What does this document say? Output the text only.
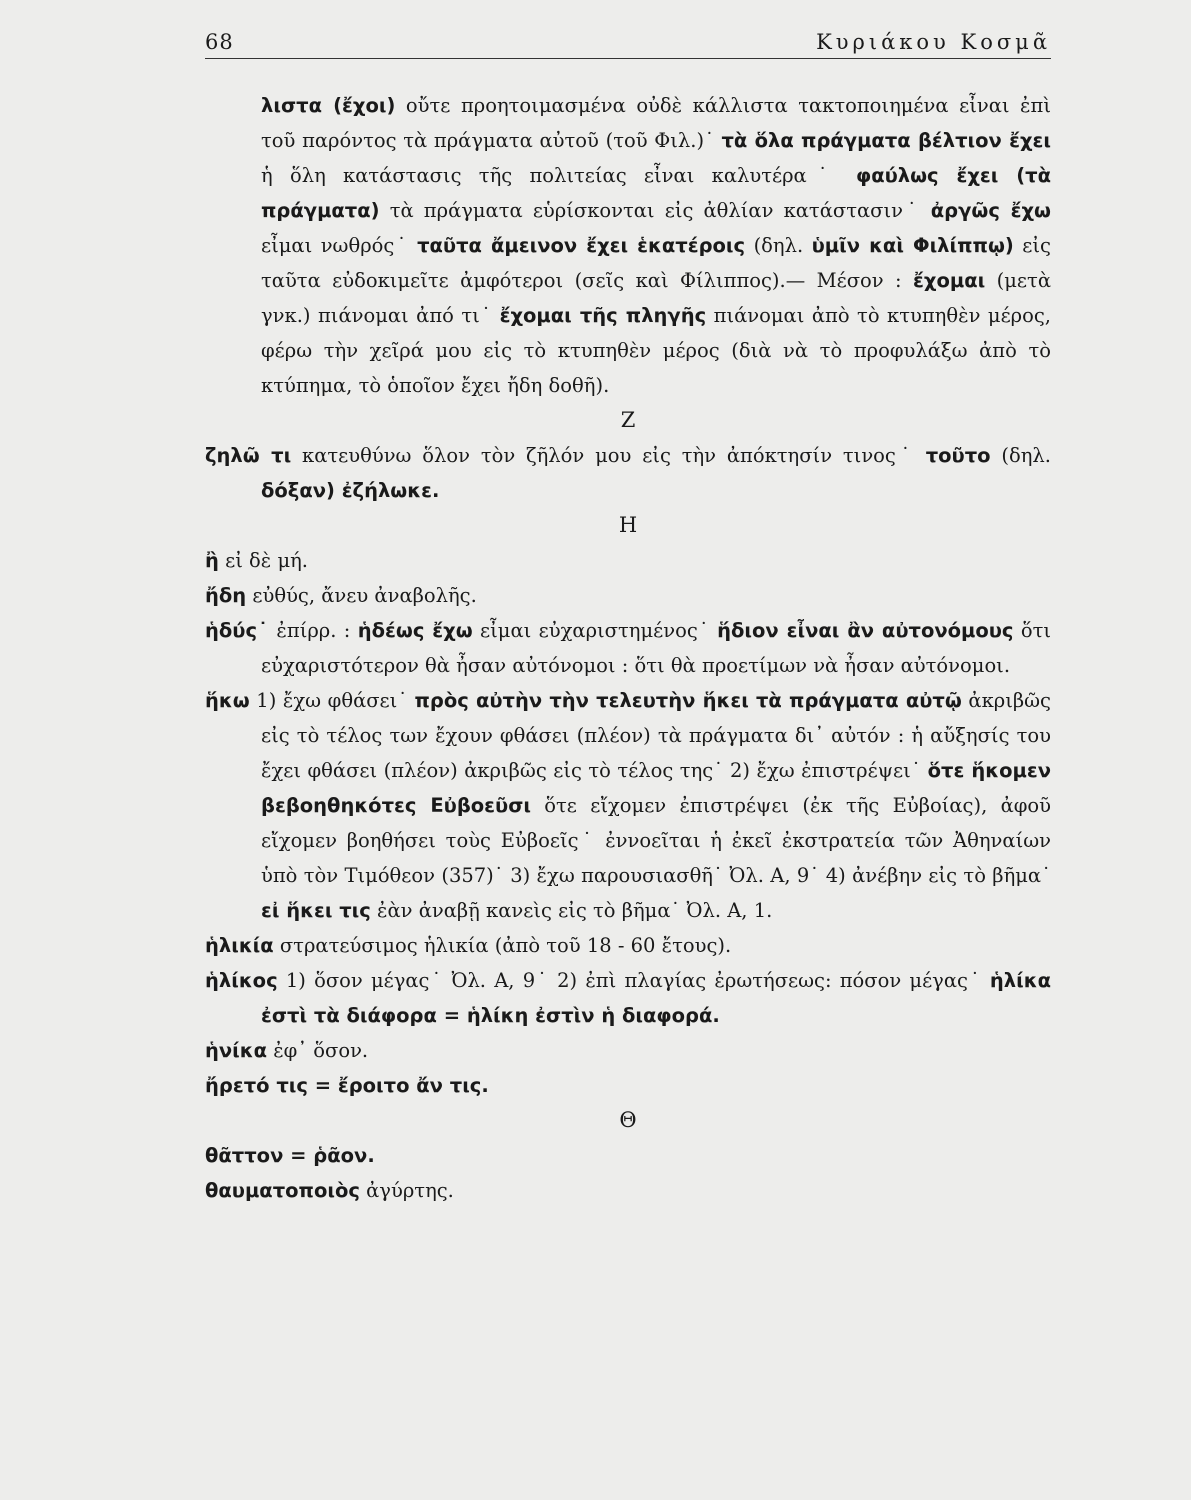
68	Κυριάκου Κοσμᾶ

λιστα (ἔχοι) οὔτε προητοιμασμένα οὐδὲ κάλλιστα τακτοποιημένα εἶναι ἐπὶ τοῦ παρόντος τὰ πράγματα αὐτοῦ (τοῦ Φιλ.)˙ τὰ ὅλα πράγματα βέλτιον ἔχει ἡ ὅλη κατάστασις τῆς πολιτείας εἶναι καλυτέρα˙ φαύλως ἔχει (τὰ πράγματα) τὰ πράγματα εὑρίσκονται εἰς ἀθλίαν κατάστασιν˙ ἀργῶς ἔχω εἶμαι νωθρός˙ ταῦτα ἄμεινον ἔχει ἑκατέροις (δηλ. ὑμῖν καὶ Φιλίππῳ) εἰς ταῦτα εὐδοκιμεῖτε ἀμφότεροι (σεῖς καὶ Φίλιππος).— Μέσον : ἔχομαι (μετὰ γνκ.) πιάνομαι ἀπό τι˙ ἔχομαι τῆς πληγῆς πιάνομαι ἀπὸ τὸ κτυπηθὲν μέρος, φέρω τὴν χεῖρά μου εἰς τὸ κτυπηθὲν μέρος (διὰ νὰ τὸ προφυλάξω ἀπὸ τὸ κτύπημα, τὸ ὁποῖον ἔχει ἤδη δοθῆ).

Ζ

ζηλῶ τι κατευθύνω ὅλον τὸν ζῆλόν μου εἰς τὴν ἀπόκτησίν τινος˙ τοῦτο (δηλ. δόξαν) ἐζήλωκε.

Η

ἢ εἰ δὲ μή.

ἤδη εὐθύς, ἄνευ ἀναβολῆς.

ἡδύς˙ ἐπίρρ. : ἡδέως ἔχω εἶμαι εὐχαριστημένος˙ ἥδιον εἶναι ἂν αὐτονόμους ὅτι εὐχαριστότερον θὰ ἦσαν αὐτόνομοι : ὅτι θὰ προετίμων νὰ ἦσαν αὐτόνομοι.

ἥκω 1) ἔχω φθάσει˙ πρὸς αὐτὴν τὴν τελευτὴν ἥκει τὰ πράγματα αὐτῷ ἀκριβῶς εἰς τὸ τέλος των ἔχουν φθάσει (πλέον) τὰ πράγματα δι᾽ αὐτόν : ἡ αὔξησίς του ἔχει φθάσει (πλέον) ἀκριβῶς εἰς τὸ τέλος της˙ 2) ἔχω ἐπιστρέψει˙ ὅτε ἥκομεν βεβοηθηκότες Εὐβοεῦσι ὅτε εἴχομεν ἐπιστρέψει (ἐκ τῆς Εὐβοίας), ἀφοῦ εἴχομεν βοηθήσει τοὺς Εὐβοεῖς˙ ἐννοεῖται ἡ ἐκεῖ ἐκστρατεία τῶν Ἀθηναίων ὑπὸ τὸν Τιμόθεον (357)˙ 3) ἔχω παρουσιασθῆ˙ Ὀλ. Α, 9˙ 4) ἀνέβην εἰς τὸ βῆμα˙ εἰ ἥκει τις ἐὰν ἀναβῇ κανεὶς εἰς τὸ βῆμα˙ Ὀλ. Α, 1.

ἡλικία στρατεύσιμος ἡλικία (ἀπὸ τοῦ 18 - 60 ἔτους).

ἡλίκος 1) ὅσον μέγας˙ Ὀλ. Α, 9˙ 2) ἐπὶ πλαγίας ἐρωτήσεως: πόσον μέγας˙ ἡλίκα ἐστὶ τὰ διάφορα = ἡλίκη ἐστὶν ἡ διαφορά.

ἡνίκα ἐφ᾽ ὅσον.

ἤρετό τις = ἔροιτο ἄν τις.

Θ

θᾶττον = ῥᾶον.

θαυματοποιὸς ἀγύρτης.
